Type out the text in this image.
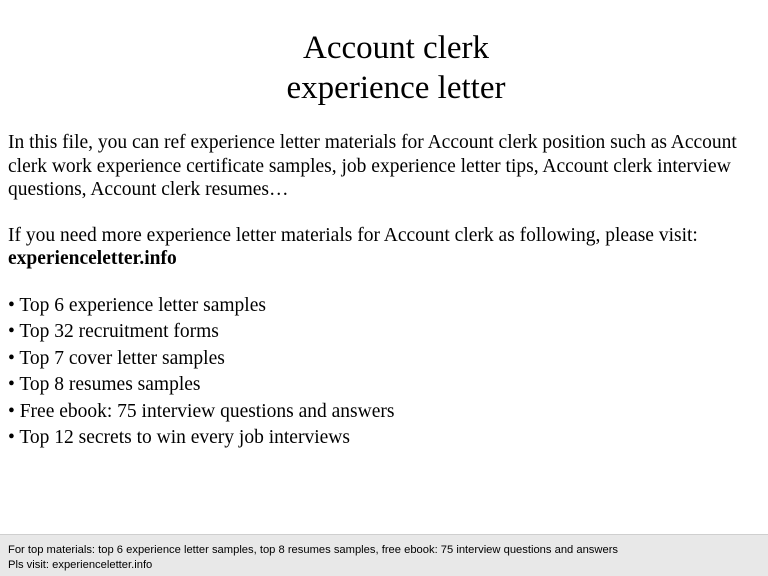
Account clerk
experience letter

In this file, you can ref experience letter materials for Account clerk position such as Account clerk work experience certificate samples, job experience letter tips, Account clerk interview questions, Account clerk resumes…

If you need more experience letter materials for Account clerk as following, please visit: experienceletter.info

• Top 6 experience letter samples
• Top 32 recruitment forms
• Top 7 cover letter samples
• Top 8 resumes samples
• Free ebook: 75 interview questions and answers
• Top 12 secrets to win every job interviews
For top materials: top 6 experience letter samples, top 8 resumes samples, free ebook: 75 interview questions and answers
Pls visit: experienceletter.info
